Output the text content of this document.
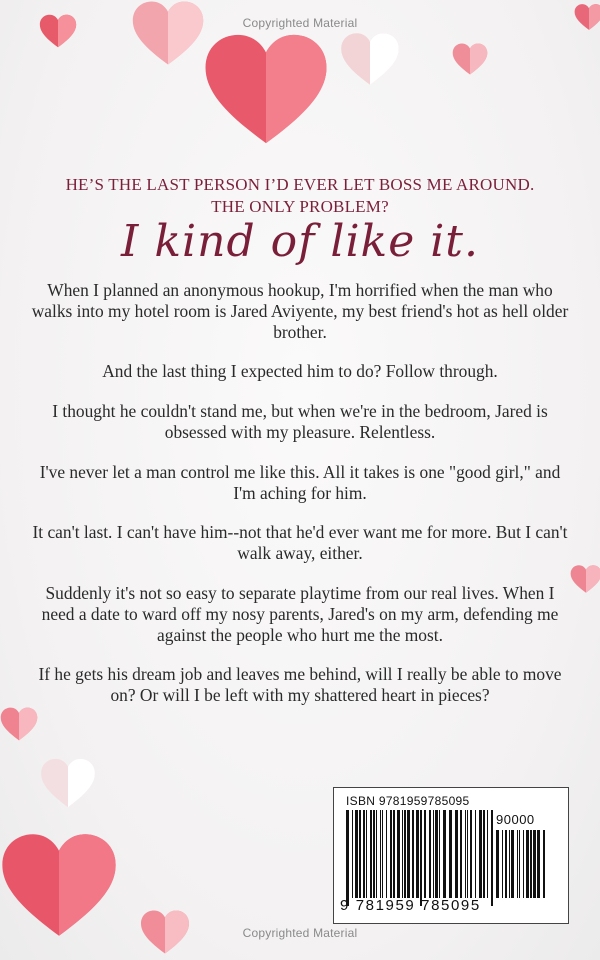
Copyrighted Material
HE’S THE LAST PERSON I’D EVER LET BOSS ME AROUND.
THE ONLY PROBLEM?
I kind of like it.

When I planned an anonymous hookup, I'm horrified when the man who walks into my hotel room is Jared Aviyente, my best friend's hot as hell older brother.

And the last thing I expected him to do? Follow through.

I thought he couldn't stand me, but when we're in the bedroom, Jared is obsessed with my pleasure. Relentless.

I've never let a man control me like this. All it takes is one "good girl," and I'm aching for him.

It can't last. I can't have him--not that he'd ever want me for more. But I can't walk away, either.

Suddenly it's not so easy to separate playtime from our real lives. When I need a date to ward off my nosy parents, Jared's on my arm, defending me against the people who hurt me the most.

If he gets his dream job and leaves me behind, will I really be able to move on? Or will I be left with my shattered heart in pieces?

ISBN 9781959785095
90000
9 781959 785095
Copyrighted Material
